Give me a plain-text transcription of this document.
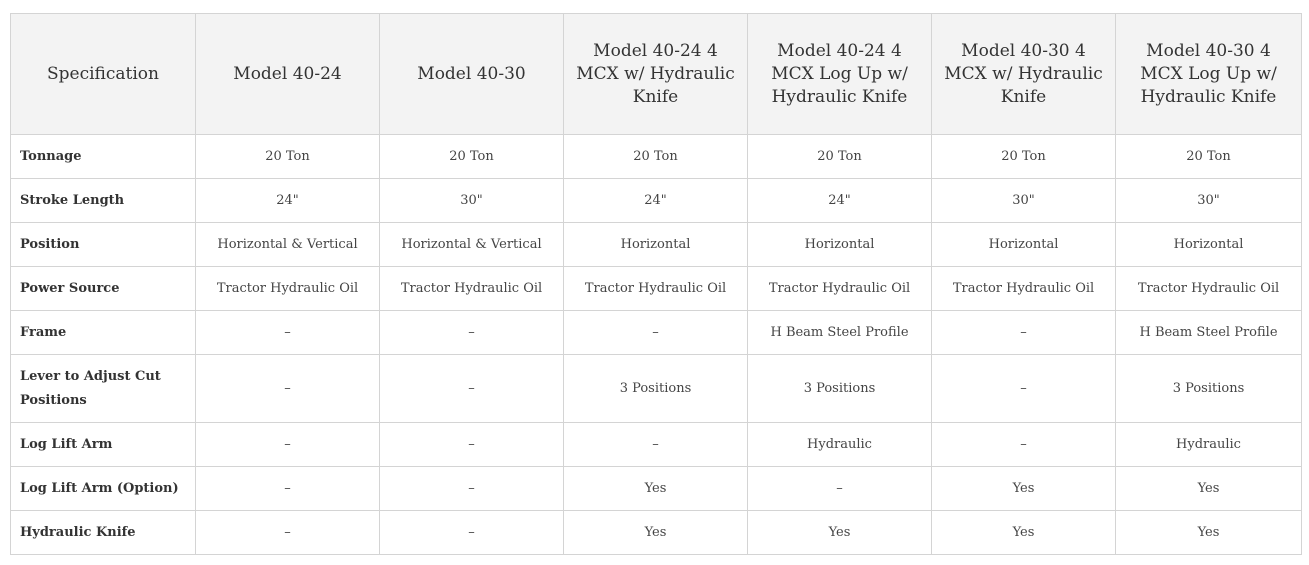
Specification	Model 40-24	Model 40-30	Model 40-24 4 MCX w/ Hydraulic Knife	Model 40-24 4 MCX Log Up w/ Hydraulic Knife	Model 40-30 4 MCX w/ Hydraulic Knife	Model 40-30 4 MCX Log Up w/ Hydraulic Knife
Tonnage	20 Ton	20 Ton	20 Ton	20 Ton	20 Ton	20 Ton
Stroke Length	24"	30"	24"	24"	30"	30"
Position	Horizontal & Vertical	Horizontal & Vertical	Horizontal	Horizontal	Horizontal	Horizontal
Power Source	Tractor Hydraulic Oil	Tractor Hydraulic Oil	Tractor Hydraulic Oil	Tractor Hydraulic Oil	Tractor Hydraulic Oil	Tractor Hydraulic Oil
Frame	–	–	–	H Beam Steel Profile	–	H Beam Steel Profile
Lever to Adjust Cut Positions	–	–	3 Positions	3 Positions	–	3 Positions
Log Lift Arm	–	–	–	Hydraulic	–	Hydraulic
Log Lift Arm (Option)	–	–	Yes	–	Yes	Yes
Hydraulic Knife	–	–	Yes	Yes	Yes	Yes
